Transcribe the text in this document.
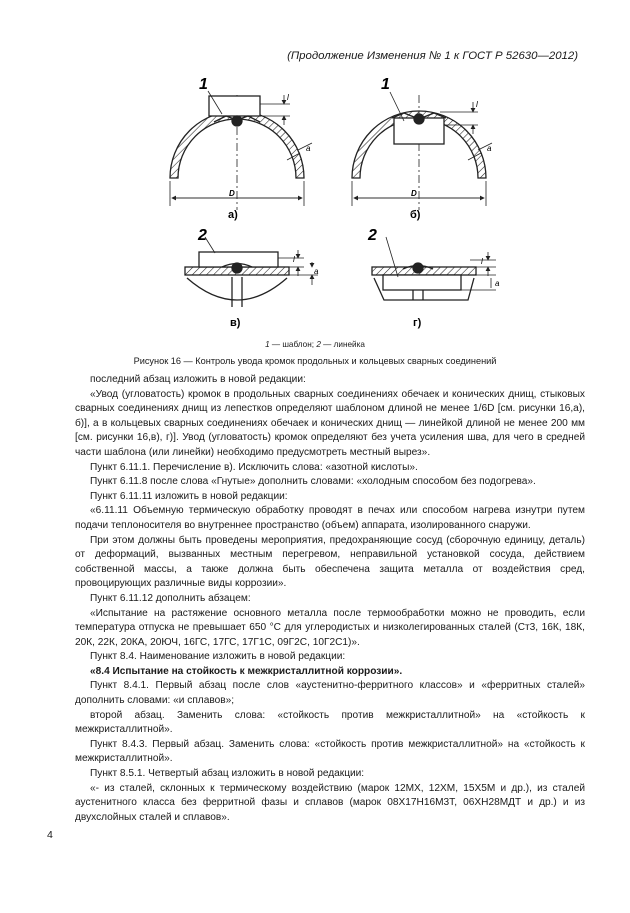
(Продолжение Изменения № 1 к ГОСТ Р 52630—2012)
1
D
l
a
а)
1
D
l
a
б)
2
l
a
в)
2
l
a
г)
1 — шаблон; 2 — линейка
Рисунок 16 — Контроль увода кромок продольных и кольцевых сварных соединений

последний абзац изложить в новой редакции:

«Увод (угловатость) кромок в продольных сварных соединениях обечаек и конических днищ, стыковых сварных соединениях днищ из лепестков определяют шаблоном длиной не менее 1/6D [см. рисунки 16,а), б)], а в кольцевых сварных соединениях обечаек и конических днищ — линейкой длиной не менее 200 мм [см. рисунки 16,в), г)]. Увод (угловатость) кромок определяют без учета усиления шва, для чего в средней части шаблона (или линейки) необходимо предусмотреть местный вырез».

Пункт 6.11.1. Перечисление в). Исключить слова: «азотной кислоты».

Пункт 6.11.8 после слова «Гнутые» дополнить словами: «холодным способом без подогрева».

Пункт 6.11.11 изложить в новой редакции:

«6.11.11 Объемную термическую обработку проводят в печах или способом нагрева изнутри путем подачи теплоносителя во внутреннее пространство (объем) аппарата, изолированного снаружи.

При этом должны быть проведены мероприятия, предохраняющие сосуд (сборочную единицу, деталь) от деформаций, вызванных местным перегревом, неправильной установкой сосуда, действием собственной массы, а также должна быть обеспечена защита металла от воздействия сред, провоцирующих различные виды коррозии».

Пункт 6.11.12 дополнить абзацем:

«Испытание на растяжение основного металла после термообработки можно не проводить, если температура отпуска не превышает 650 °С для углеродистых и низколегированных сталей (Ст3, 16К, 18К, 20К, 22К, 20КА, 20ЮЧ, 16ГС, 17ГС, 17Г1С, 09Г2С, 10Г2С1)».

Пункт 8.4. Наименование изложить в новой редакции:

«8.4 Испытание на стойкость к межкристаллитной коррозии».

Пункт 8.4.1. Первый абзац после слов «аустенитно-ферритного классов» и «ферритных сталей» дополнить словами: «и сплавов»;

второй абзац. Заменить слова: «стойкость против межкристаллитной» на «стойкость к межкристаллитной».

Пункт 8.4.3. Первый абзац. Заменить слова: «стойкость против межкристаллитной» на «стойкость к межкристаллитной».

Пункт 8.5.1. Четвертый абзац изложить в новой редакции:

«- из сталей, склонных к термическому воздействию (марок 12МХ, 12ХМ, 15Х5М и др.), из сталей аустенитного класса без ферритной фазы и сплавов (марок 08Х17Н16М3Т, 06ХН28МДТ и др.) и из двухслойных сталей и сплавов».

4
